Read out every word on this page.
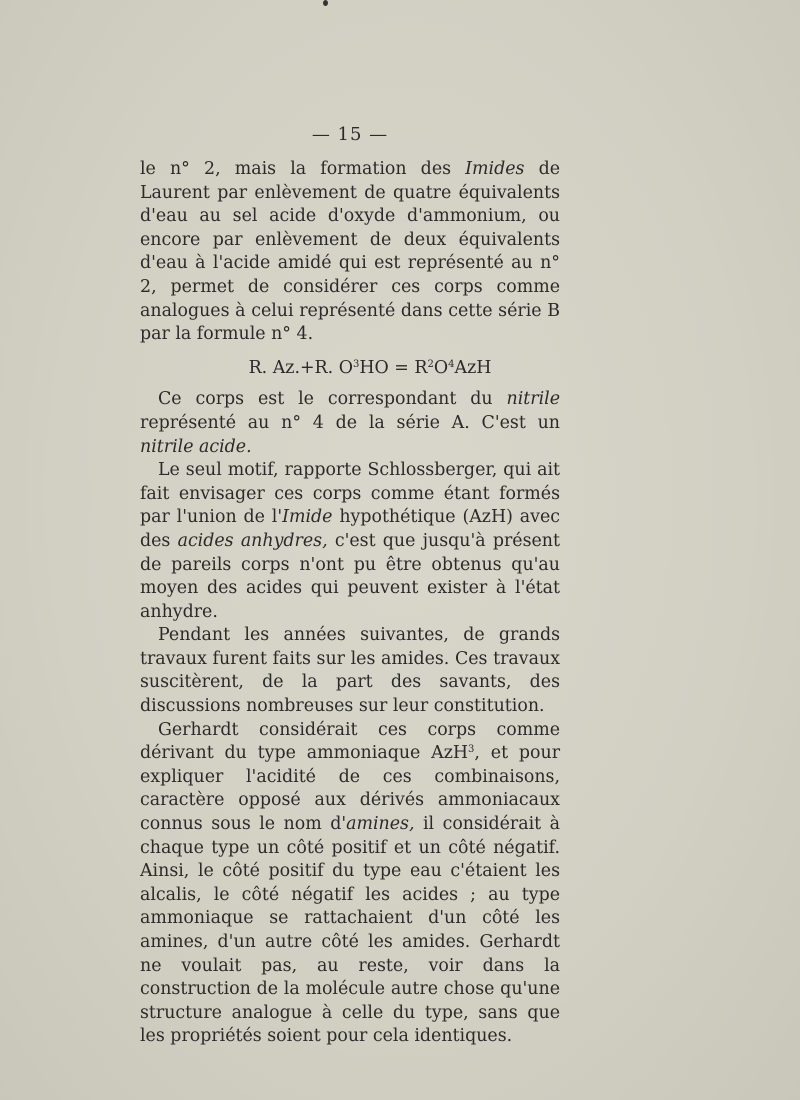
— 15 —

le n° 2, mais la formation des Imides de Laurent par enlèvement de quatre équivalents d'eau au sel acide d'oxyde d'ammonium, ou encore par enlèvement de deux équivalents d'eau à l'acide amidé qui est représenté au n° 2, permet de considérer ces corps comme analogues à celui représenté dans cette série B par la formule n° 4.

R. Az.+R. $O^3HO = R^2O^4AzH$

Ce corps est le correspondant du nitrile représenté au n° 4 de la série A. C'est un nitrile acide.

Le seul motif, rapporte Schlossberger, qui ait fait envisager ces corps comme étant formés par l'union de l'Imide hypothétique (AzH) avec des acides anhydres, c'est que jusqu'à présent de pareils corps n'ont pu être obtenus qu'au moyen des acides qui peuvent exister à l'état anhydre.

Pendant les années suivantes, de grands travaux furent faits sur les amides. Ces travaux suscitèrent, de la part des savants, des discussions nombreuses sur leur constitution.

Gerhardt considérait ces corps comme dérivant du type ammoniaque AzH$^3$, et pour expliquer l'acidité de ces combinaisons, caractère opposé aux dérivés ammoniacaux connus sous le nom d'amines, il considérait à chaque type un côté positif et un côté négatif. Ainsi, le côté positif du type eau c'étaient les alcalis, le côté négatif les acides ; au type ammoniaque se rattachaient d'un côté les amines, d'un autre côté les amides. Gerhardt ne voulait pas, au reste, voir dans la construction de la molécule autre chose qu'une structure analogue à celle du type, sans que les propriétés soient pour cela identiques.
